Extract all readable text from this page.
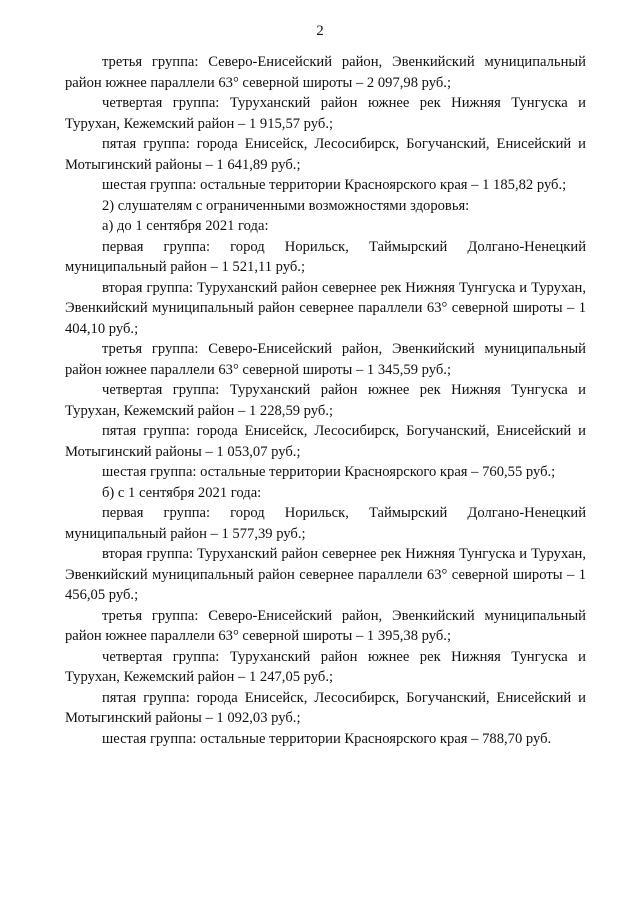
2

третья группа: Северо-Енисейский район, Эвенкийский муниципальный район южнее параллели 63° северной широты – 2 097,98 руб.;

четвертая группа: Туруханский район южнее рек Нижняя Тунгуска и Турухан, Кежемский район – 1 915,57 руб.;

пятая группа: города Енисейск, Лесосибирск, Богучанский, Енисейский и Мотыгинский районы – 1 641,89 руб.;

шестая группа: остальные территории Красноярского края – 1 185,82 руб.;

2) слушателям с ограниченными возможностями здоровья:

а) до 1 сентября 2021 года:

первая группа: город Норильск, Таймырский Долгано-Ненецкий муниципальный район – 1 521,11 руб.;

вторая группа: Туруханский район севернее рек Нижняя Тунгуска и Турухан, Эвенкийский муниципальный район севернее параллели 63° северной широты – 1 404,10 руб.;

третья группа: Северо-Енисейский район, Эвенкийский муниципальный район южнее параллели 63° северной широты – 1 345,59 руб.;

четвертая группа: Туруханский район южнее рек Нижняя Тунгуска и Турухан, Кежемский район – 1 228,59 руб.;

пятая группа: города Енисейск, Лесосибирск, Богучанский, Енисейский и Мотыгинский районы – 1 053,07 руб.;

шестая группа: остальные территории Красноярского края – 760,55 руб.;

б) с 1 сентября 2021 года:

первая группа: город Норильск, Таймырский Долгано-Ненецкий муниципальный район – 1 577,39 руб.;

вторая группа: Туруханский район севернее рек Нижняя Тунгуска и Турухан, Эвенкийский муниципальный район севернее параллели 63° северной широты – 1 456,05 руб.;

третья группа: Северо-Енисейский район, Эвенкийский муниципальный район южнее параллели 63° северной широты – 1 395,38 руб.;

четвертая группа: Туруханский район южнее рек Нижняя Тунгуска и Турухан, Кежемский район – 1 247,05 руб.;

пятая группа: города Енисейск, Лесосибирск, Богучанский, Енисейский и Мотыгинский районы – 1 092,03 руб.;

шестая группа: остальные территории Красноярского края – 788,70 руб.
